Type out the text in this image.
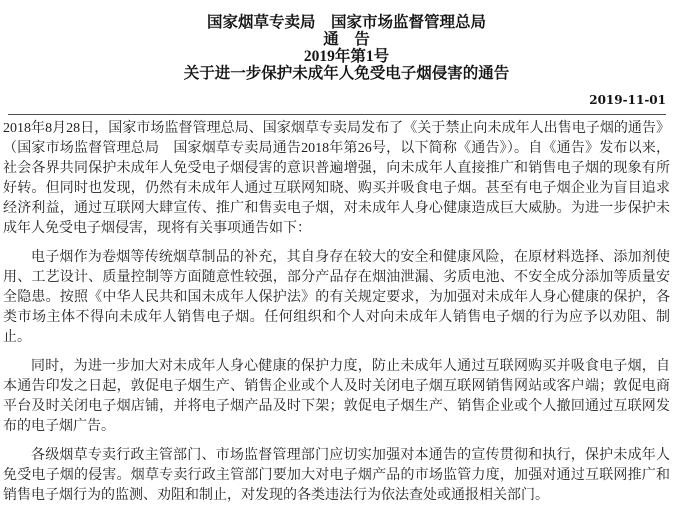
国家烟草专卖局　国家市场监督管理总局
通　告
2019年第1号
关于进一步保护未成年人免受电子烟侵害的通告
2019-11-01

2018年8月28日，国家市场监督管理总局、国家烟草专卖局发布了《关于禁止向未成年人出售电子烟的通告》（国家市场监督管理总局　国家烟草专卖局通告2018年第26号，以下简称《通告》）。自《通告》发布以来，社会各界共同保护未成年人免受电子烟侵害的意识普遍增强，向未成年人直接推广和销售电子烟的现象有所好转。但同时也发现，仍然有未成年人通过互联网知晓、购买并吸食电子烟。甚至有电子烟企业为盲目追求经济利益，通过互联网大肆宣传、推广和售卖电子烟，对未成年人身心健康造成巨大威胁。为进一步保护未成年人免受电子烟侵害，现将有关事项通告如下：

电子烟作为卷烟等传统烟草制品的补充，其自身存在较大的安全和健康风险，在原材料选择、添加剂使用、工艺设计、质量控制等方面随意性较强，部分产品存在烟油泄漏、劣质电池、不安全成分添加等质量安全隐患。按照《中华人民共和国未成年人保护法》的有关规定要求，为加强对未成年人身心健康的保护，各类市场主体不得向未成年人销售电子烟。任何组织和个人对向未成年人销售电子烟的行为应予以劝阻、制止。

同时，为进一步加大对未成年人身心健康的保护力度，防止未成年人通过互联网购买并吸食电子烟，自本通告印发之日起，敦促电子烟生产、销售企业或个人及时关闭电子烟互联网销售网站或客户端；敦促电商平台及时关闭电子烟店铺，并将电子烟产品及时下架；敦促电子烟生产、销售企业或个人撤回通过互联网发布的电子烟广告。

各级烟草专卖行政主管部门、市场监督管理部门应切实加强对本通告的宣传贯彻和执行，保护未成年人免受电子烟的侵害。烟草专卖行政主管部门要加大对电子烟产品的市场监管力度，加强对通过互联网推广和销售电子烟行为的监测、劝阻和制止，对发现的各类违法行为依法查处或通报相关部门。
